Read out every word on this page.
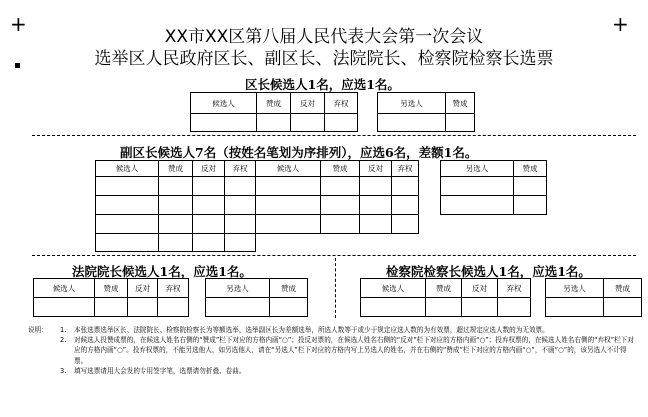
+	+
XX市XX区第八届人民代表大会第一次会议
选举区人民政府区长、副区长、法院院长、检察院检察长选票
区长候选人1名，应选1名。
候选人	赞成	反对	弃权
				另选人	赞成

副区长候选人7名（按姓名笔划为序排列），应选6名，差额1名。
候选人	赞成	反对	弃权

				候选人	赞成	反对	弃权

				另选人	赞成

法院院长候选人1名，应选1名。
候选人	赞成	反对	弃权
				另选人	赞成

检察院检察长候选人1名，应选1名。
候选人	赞成	反对	弃权
				另选人	赞成

说明：	1.	本张选票选举区长、法院院长、检察院检察长为等额选举，选举副区长为差额选举，所选人数等于或少于规定应选人数的为有效票，超过规定应选人数的为无效票。
2.	对候选人投赞成票的，在候选人姓名右侧的“赞成”栏下对应的方格内画“○”；投反对票的，在候选人姓名右侧的“反对”栏下对应的方格内画“○”；投弃权票的，在候选人姓名右侧的“弃权”栏下对应的方格内画“○”。投弃权票的，不能另选他人，如另选他人，请在“另选人”栏下对应的方格内写上另选人的姓名，并在右侧的“赞成”栏下对应的方格内画“○”，不画“○”的，该另选人不计得票。
3.	填写选票请用大会发的专用签字笔，选票请勿折叠、卷曲。
